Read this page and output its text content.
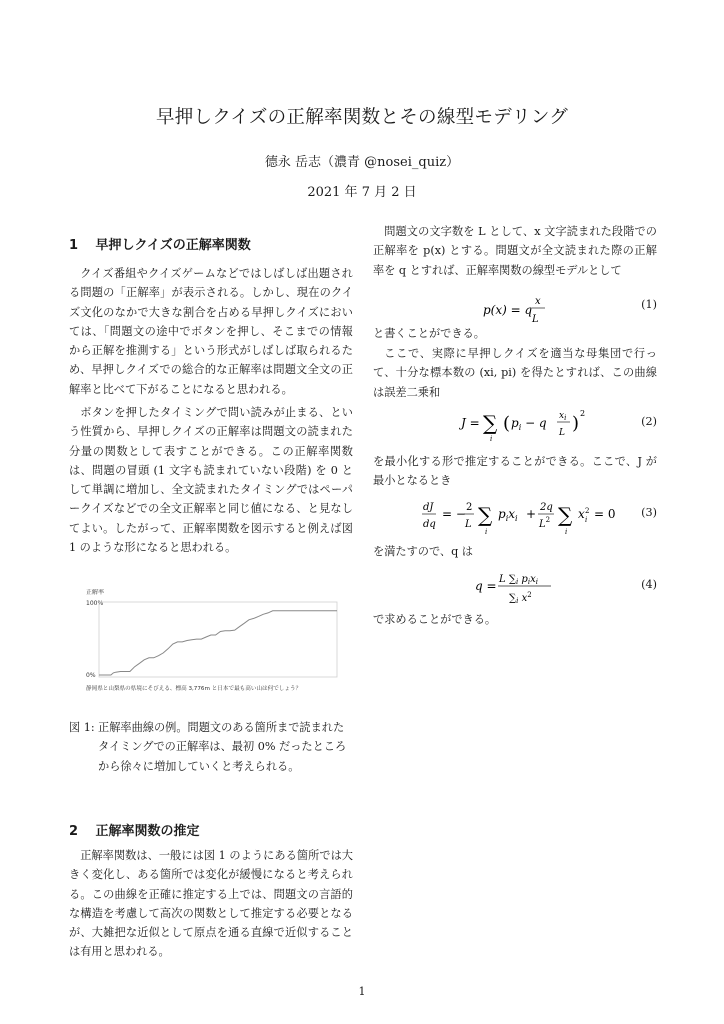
早押しクイズの正解率関数とその線型モデリング
德永 岳志（濃青 @nosei_quiz）
2021 年 7 月 2 日
1 早押しクイズの正解率関数
クイズ番組やクイズゲームなどではしばしば出題される問題の「正解率」が表示される。しかし、現在のクイズ文化のなかで大きな割合を占める早押しクイズにおいては、「問題文の途中でボタンを押し、そこまでの情報から正解を推測する」という形式がしばしば取られるため、早押しクイズでの総合的な正解率は問題文全文の正解率と比べて下がることになると思われる。
ボタンを押したタイミングで問い読みが止まる、という性質から、早押しクイズの正解率は問題文の読まれた分量の関数として表すことができる。この正解率関数は、問題の冒頭 (1 文字も読まれていない段階) を 0 として単調に増加し、全文読まれたタイミングではペーパークイズなどでの全文正解率と同じ値になる、と見なしてよい。したがって、正解率関数を図示すると例えば図 1 のような形になると思われる。
正解率
100%
0%
静岡県と山梨県の県境にそびえる、標高 3,776m と日本で最も高い山は何でしょう？
図 1: 正解率曲線の例。問題文のある箇所まで読まれたタイミングでの正解率は、最初 0% だったところから徐々に増加していくと考えられる。
2 正解率関数の推定
正解率関数は、一般には図 1 のようにある箇所では大きく変化し、ある箇所では変化が緩慢になると考えられる。この曲線を正確に推定する上では、問題文の言語的な構造を考慮して高次の関数として推定する必要となるが、大雑把な近似として原点を通る直線で近似することは有用と思われる。
問題文の文字数を L として、x 文字読まれた段階での正解率を p(x) とする。問題文が全文読まれた際の正解率を q とすれば、正解率関数の線型モデルとして
p(x) = q
x
L
(1)
と書くことができる。
ここで、実際に早押しクイズを適当な母集団で行って、十分な標本数の (xi, pi) を得たとすれば、この曲線は誤差二乗和
J = ∑
i
( $p_i - q$ $x_i$
L ) 2
(2)
を最小化する形で推定することができる。ここで、J が最小となるとき
dJ
dq
= − 2
L ∑
i
$p_ix_i + 2q$
$L^2$ ∑
i
x 2
i = 0 (3)
を満たすので、q は
q = L $\sum_i$ $p_ix_i$
$\sum_i$ $x^2$
(4)
で求めることができる。
1
